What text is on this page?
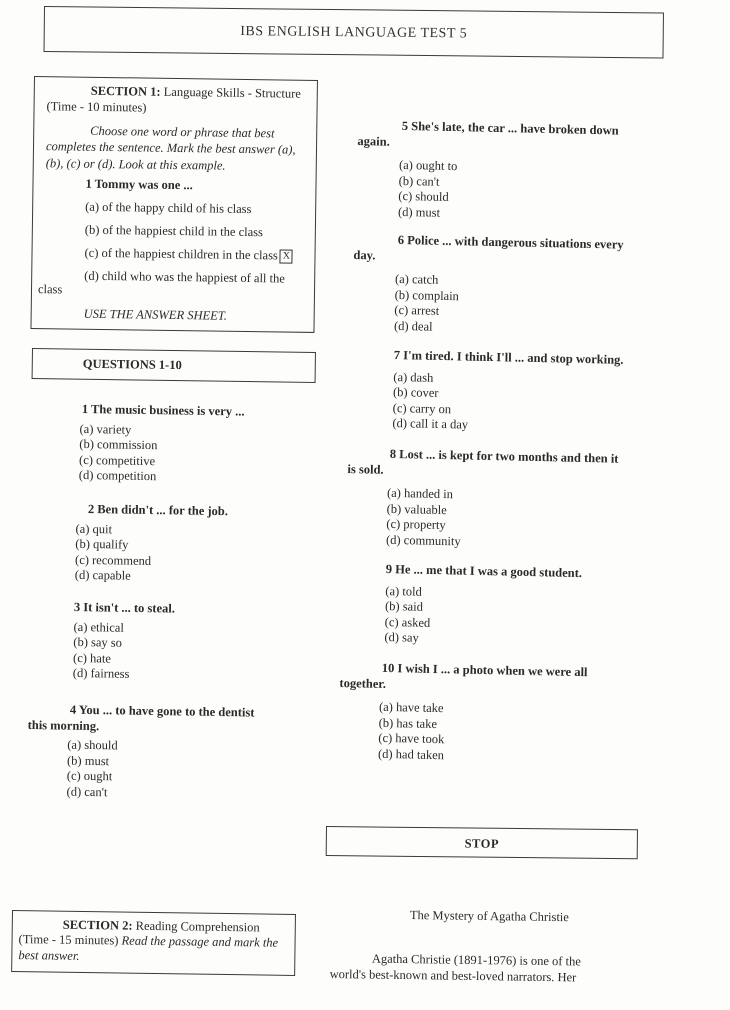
IBS ENGLISH LANGUAGE TEST 5
SECTION 1: Language Skills - Structure
(Time - 10 minutes)
Choose one word or phrase that best completes the sentence. Mark the best answer (a), (b), (c) or (d). Look at this example.
1 Tommy was one ...
(a) of the happy child of his class
(b) of the happiest child in the class
(c) of the happiest children in the class X
(d) child who was the happiest of all the
class
USE THE ANSWER SHEET.
QUESTIONS 1-10
1 The music business is very ...
(a) variety
(b) commission
(c) competitive
(d) competition
2 Ben didn't ... for the job.
(a) quit
(b) qualify
(c) recommend
(d) capable
3 It isn't ... to steal.
(a) ethical
(b) say so
(c) hate
(d) fairness
4 You ... to have gone to the dentist
this morning.
(a) should
(b) must
(c) ought
(d) can't
5 She's late, the car ... have broken down
again.
(a) ought to
(b) can't
(c) should
(d) must
6 Police ... with dangerous situations every
day.
(a) catch
(b) complain
(c) arrest
(d) deal
7 I'm tired. I think I'll ... and stop working.
(a) dash
(b) cover
(c) carry on
(d) call it a day
8 Lost ... is kept for two months and then it
is sold.
(a) handed in
(b) valuable
(c) property
(d) community
9 He ... me that I was a good student.
(a) told
(b) said
(c) asked
(d) say
10 I wish I ... a photo when we were all
together.
(a) have take
(b) has take
(c) have took
(d) had taken
STOP
SECTION 2: Reading Comprehension
(Time - 15 minutes) Read the passage and mark the best answer.
The Mystery of Agatha Christie
Agatha Christie (1891-1976) is one of the world's best-known and best-loved narrators. Her
